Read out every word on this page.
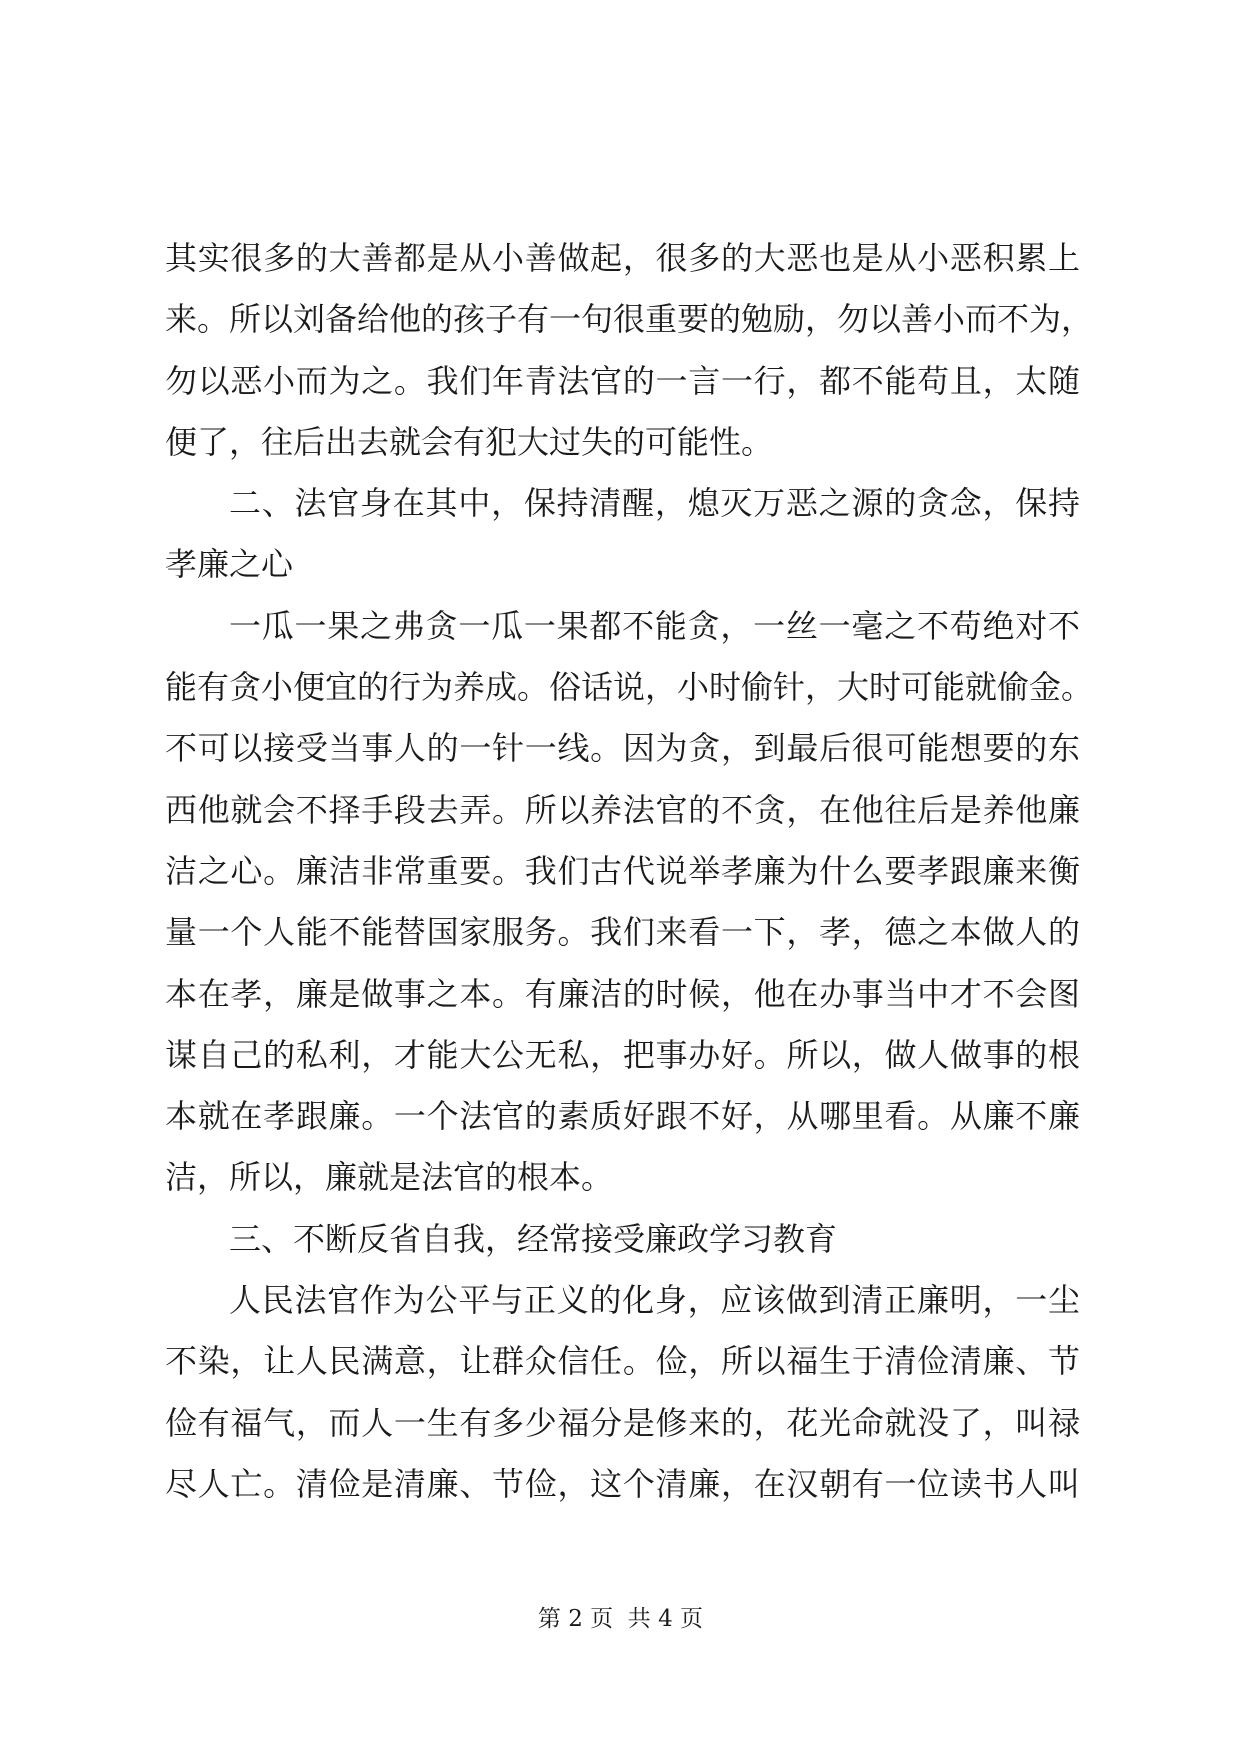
其实很多的大善都是从小善做起，很多的大恶也是从小恶积累上
来。所以刘备给他的孩子有一句很重要的勉励，勿以善小而不为，
勿以恶小而为之。我们年青法官的一言一行，都不能苟且，太随
便了，往后出去就会有犯大过失的可能性。
二、法官身在其中，保持清醒，熄灭万恶之源的贪念，保持
孝廉之心
一瓜一果之弗贪一瓜一果都不能贪，一丝一毫之不苟绝对不
能有贪小便宜的行为养成。俗话说，小时偷针，大时可能就偷金。
不可以接受当事人的一针一线。因为贪，到最后很可能想要的东
西他就会不择手段去弄。所以养法官的不贪，在他往后是养他廉
洁之心。廉洁非常重要。我们古代说举孝廉为什么要孝跟廉来衡
量一个人能不能替国家服务。我们来看一下，孝，德之本做人的
本在孝，廉是做事之本。有廉洁的时候，他在办事当中才不会图
谋自己的私利，才能大公无私，把事办好。所以，做人做事的根
本就在孝跟廉。一个法官的素质好跟不好，从哪里看。从廉不廉
洁，所以，廉就是法官的根本。
三、不断反省自我，经常接受廉政学习教育
人民法官作为公平与正义的化身，应该做到清正廉明，一尘
不染，让人民满意，让群众信任。俭，所以福生于清俭清廉、节
俭有福气，而人一生有多少福分是修来的，花光命就没了，叫禄
尽人亡。清俭是清廉、节俭，这个清廉，在汉朝有一位读书人叫
第 2 页  共 4 页
